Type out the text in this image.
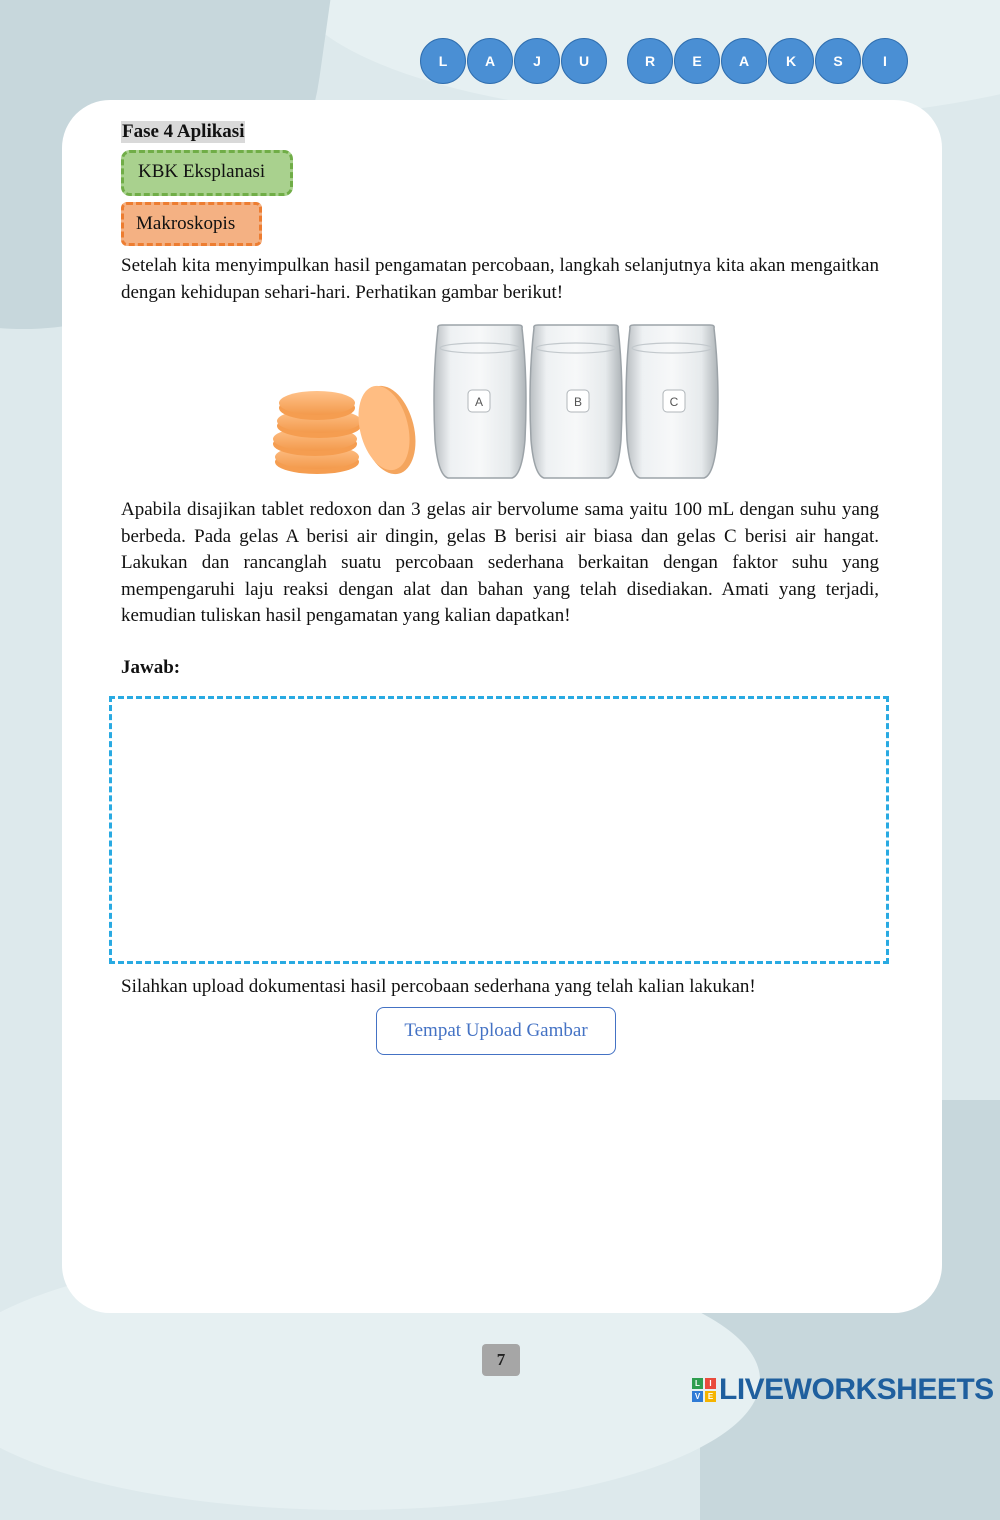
L	A	J	U	R	E	A	K	S	I

Fase 4 Aplikasi

KBK Eksplanasi
Makroskopis

Setelah kita menyimpulkan hasil pengamatan percobaan, langkah selanjutnya kita akan mengaitkan dengan kehidupan sehari-hari. Perhatikan gambar berikut!

A	B	C

Apabila disajikan tablet redoxon dan 3 gelas air bervolume sama yaitu 100 mL dengan suhu yang berbeda. Pada gelas A berisi air dingin, gelas B berisi air biasa dan gelas C berisi air hangat. Lakukan dan rancanglah suatu percobaan sederhana berkaitan dengan faktor suhu yang mempengaruhi laju reaksi dengan alat dan bahan yang telah disediakan. Amati yang terjadi, kemudian tuliskan hasil pengamatan yang kalian dapatkan!

Jawab:

Silahkan upload dokumentasi hasil percobaan sederhana yang telah kalian lakukan!

Tempat Upload Gambar
7
L	I
V E LIVEWORKSHEETS
